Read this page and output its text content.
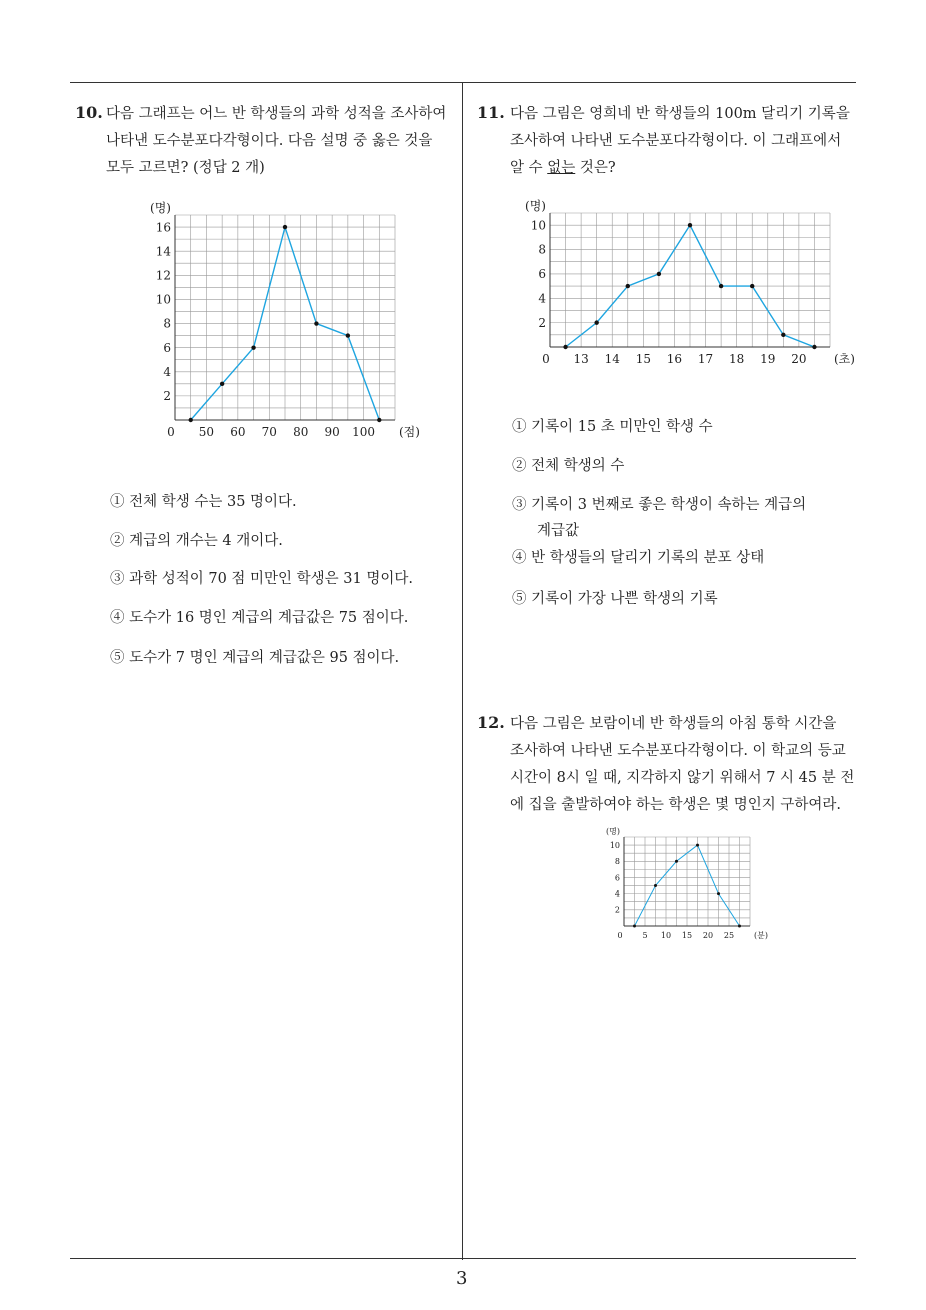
3
10. 다음 그래프는 어느 반 학생들의 과학 성적을 조사하여
나타낸 도수분포다각형이다. 다음 설명 중 옳은 것을
모두 고르면? (정답 2 개)
2
4
6
8
10
12
14
16
50 60 70 80 90 100
0
(명)
(점)
① 전체 학생 수는 35 명이다.
② 계급의 개수는 4 개이다.
③ 과학 성적이 70 점 미만인 학생은 31 명이다.
④ 도수가 16 명인 계급의 계급값은 75 점이다.
⑤ 도수가 7 명인 계급의 계급값은 95 점이다.
11. 다음 그림은 영희네 반 학생들의 100m 달리기 기록을
조사하여 나타낸 도수분포다각형이다. 이 그래프에서
알 수 없는 것은?
2
4
6
8
10
13 14 15 16 17 18 19 20
0
(명)
(초)
① 기록이 15 초 미만인 학생 수
② 전체 학생의 수
③ 기록이 3 번째로 좋은 학생이 속하는 계급의
계급값
④ 반 학생들의 달리기 기록의 분포 상태
⑤ 기록이 가장 나쁜 학생의 기록
12. 다음 그림은 보람이네 반 학생들의 아침 통학 시간을
조사하여 나타낸 도수분포다각형이다. 이 학교의 등교
시간이 8시 일 때, 지각하지 않기 위해서 7 시 45 분 전
에 집을 출발하여야 하는 학생은 몇 명인지 구하여라.
2
4
6
8
10
5 10 15 20 25
0
(명)
(분)
